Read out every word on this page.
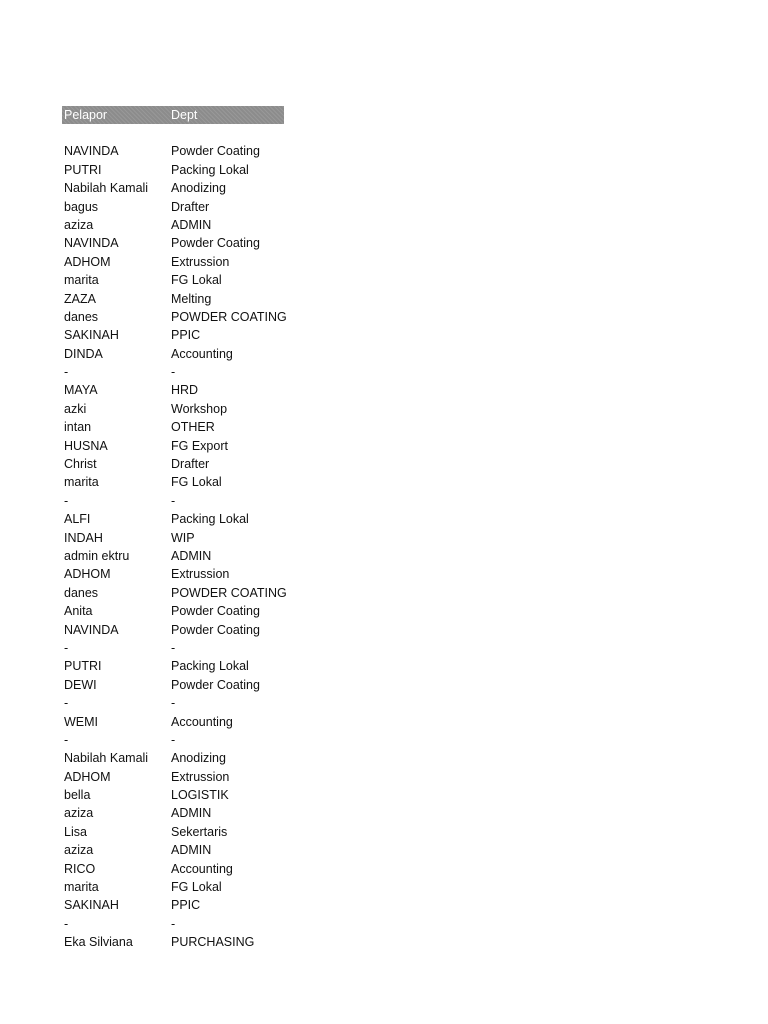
Pelapor	Dept
NAVINDA	Powder Coating
PUTRI	Packing Lokal
Nabilah Kamali	Anodizing
bagus	Drafter
aziza	ADMIN
NAVINDA	Powder Coating
ADHOM	Extrussion
marita	FG Lokal
ZAZA	Melting
danes	POWDER COATING
SAKINAH	PPIC
DINDA	Accounting
-	-
MAYA	HRD
azki	Workshop
intan	OTHER
HUSNA	FG Export
Christ	Drafter
marita	FG Lokal
-	-
ALFI	Packing Lokal
INDAH	WIP
admin ektru	ADMIN
ADHOM	Extrussion
danes	POWDER COATING
Anita	Powder Coating
NAVINDA	Powder Coating
-	-
PUTRI	Packing Lokal
DEWI	Powder Coating
-	-
WEMI	Accounting
-	-
Nabilah Kamali	Anodizing
ADHOM	Extrussion
bella	LOGISTIK
aziza	ADMIN
Lisa	Sekertaris
aziza	ADMIN
RICO	Accounting
marita	FG Lokal
SAKINAH	PPIC
-	-
Eka Silviana	PURCHASING
